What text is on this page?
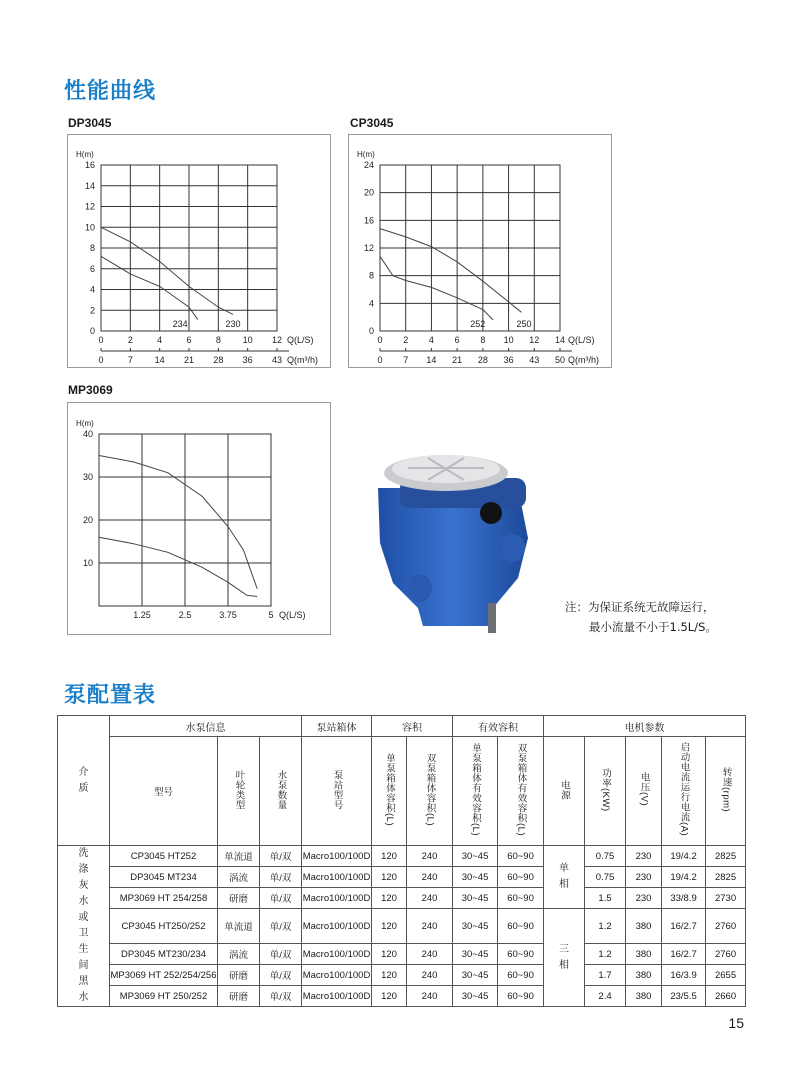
性能曲线
DP3045
H(m)
16
14
12
10
8
6
4
2
0
0	2	4	6	8 10 12 Q(L/S)
0	7 14 21 28 36 43 Q(m³/h)
234	230
CP3045
H(m)
24
20
16
12
8
4
0
0 2 4 6 8 10 12 14 Q(L/S)
0 7 14 21 28 36 43 50 Q(m³/h)
252	250
MP3069
H(m)
40
30
20
10
1.25	2.5	3.75	5 Q(L/S)
注：为保证系统无故障运行，
最小流量不小于1.5L/S。
泵配置表
介质	水泵信息			泵站箱体	容积		有效容积		电机参数				
	型号	叶轮类型	水泵数量	泵站型号	单泵箱体容积(L)	双泵箱体容积(L)	单泵箱体有效容积(L)	双泵箱体有效容积(L)	电源	功率(KW)	电压(V)	启动电流运行电流(A)	转速(rpm)
洗涤灰水或卫生间黑水	CP3045 HT252	单流道	单/双	Macro100/100D	120	240	30~45	60~90	单相	0.75	230	19/4.2	2825
	DP3045 MT234	涡流	单/双	Macro100/100D	120	240	30~45	60~90		0.75	230	19/4.2	2825
	MP3069 HT 254/258	研磨	单/双	Macro100/100D	120	240	30~45	60~90		1.5	230	33/8.9	2730
	CP3045 HT250/252	单流道	单/双	Macro100/100D	120	240	30~45	60~90	三相	1.2	380	16/2.7	2760
	DP3045 MT230/234	涡流	单/双	Macro100/100D	120	240	30~45	60~90		1.2	380	16/2.7	2760
	MP3069 HT 252/254/256	研磨	单/双	Macro100/100D	120	240	30~45	60~90		1.7	380	16/3.9	2655
	MP3069 HT 250/252	研磨	单/双	Macro100/100D	120	240	30~45	60~90		2.4	380	23/5.5	2660
15
